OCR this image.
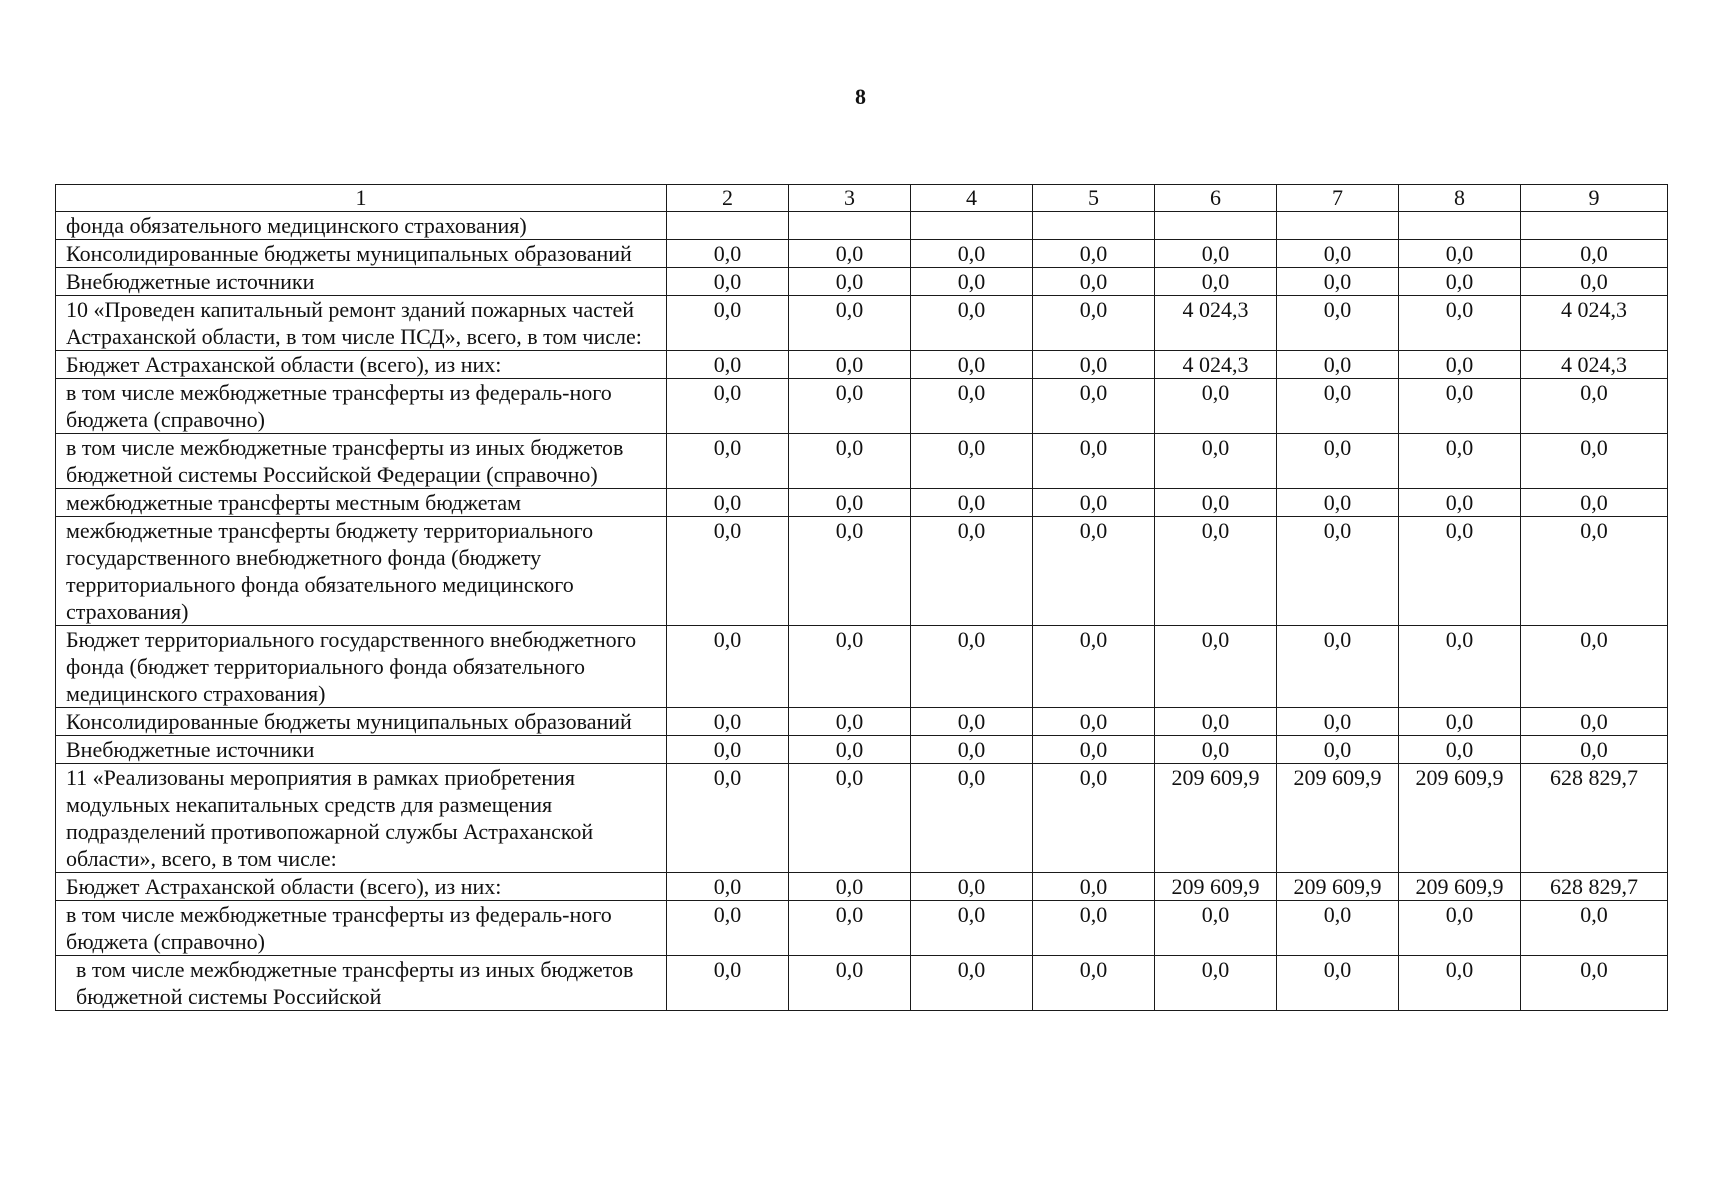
8
1	2	3	4	5	6	7	8	9
фонда обязательного медицинского страхования)								
Консолидированные бюджеты муниципальных образований	0,0	0,0	0,0	0,0	0,0	0,0	0,0	0,0
Внебюджетные источники	0,0	0,0	0,0	0,0	0,0	0,0	0,0	0,0
10 «Проведен капитальный ремонт зданий пожарных частей Астраханской области, в том числе ПСД», всего, в том числе:	0,0	0,0	0,0	0,0	4 024,3	0,0	0,0	4 024,3
Бюджет Астраханской области (всего), из них:	0,0	0,0	0,0	0,0	4 024,3	0,0	0,0	4 024,3
в том числе межбюджетные трансферты из федераль-ного бюджета (справочно)	0,0	0,0	0,0	0,0	0,0	0,0	0,0	0,0
в том числе межбюджетные трансферты из иных бюджетов бюджетной системы Российской Федерации (справочно)	0,0	0,0	0,0	0,0	0,0	0,0	0,0	0,0
межбюджетные трансферты местным бюджетам	0,0	0,0	0,0	0,0	0,0	0,0	0,0	0,0
межбюджетные трансферты бюджету территориального государственного внебюджетного фонда (бюджету территориального фонда обязательного медицинского страхования)	0,0	0,0	0,0	0,0	0,0	0,0	0,0	0,0
Бюджет территориального государственного внебюджетного фонда (бюджет территориального фонда обязательного медицинского страхования)	0,0	0,0	0,0	0,0	0,0	0,0	0,0	0,0
Консолидированные бюджеты муниципальных образований	0,0	0,0	0,0	0,0	0,0	0,0	0,0	0,0
Внебюджетные источники	0,0	0,0	0,0	0,0	0,0	0,0	0,0	0,0
11 «Реализованы мероприятия в рамках приобретения модульных некапитальных средств для размещения подразделений противопожарной службы Астраханской области», всего, в том числе:	0,0	0,0	0,0	0,0	209 609,9	209 609,9	209 609,9	628 829,7
Бюджет Астраханской области (всего), из них:	0,0	0,0	0,0	0,0	209 609,9	209 609,9	209 609,9	628 829,7
в том числе межбюджетные трансферты из федераль-ного бюджета (справочно)	0,0	0,0	0,0	0,0	0,0	0,0	0,0	0,0
в том числе межбюджетные трансферты из иных бюджетов бюджетной системы Российской	0,0	0,0	0,0	0,0	0,0	0,0	0,0	0,0
